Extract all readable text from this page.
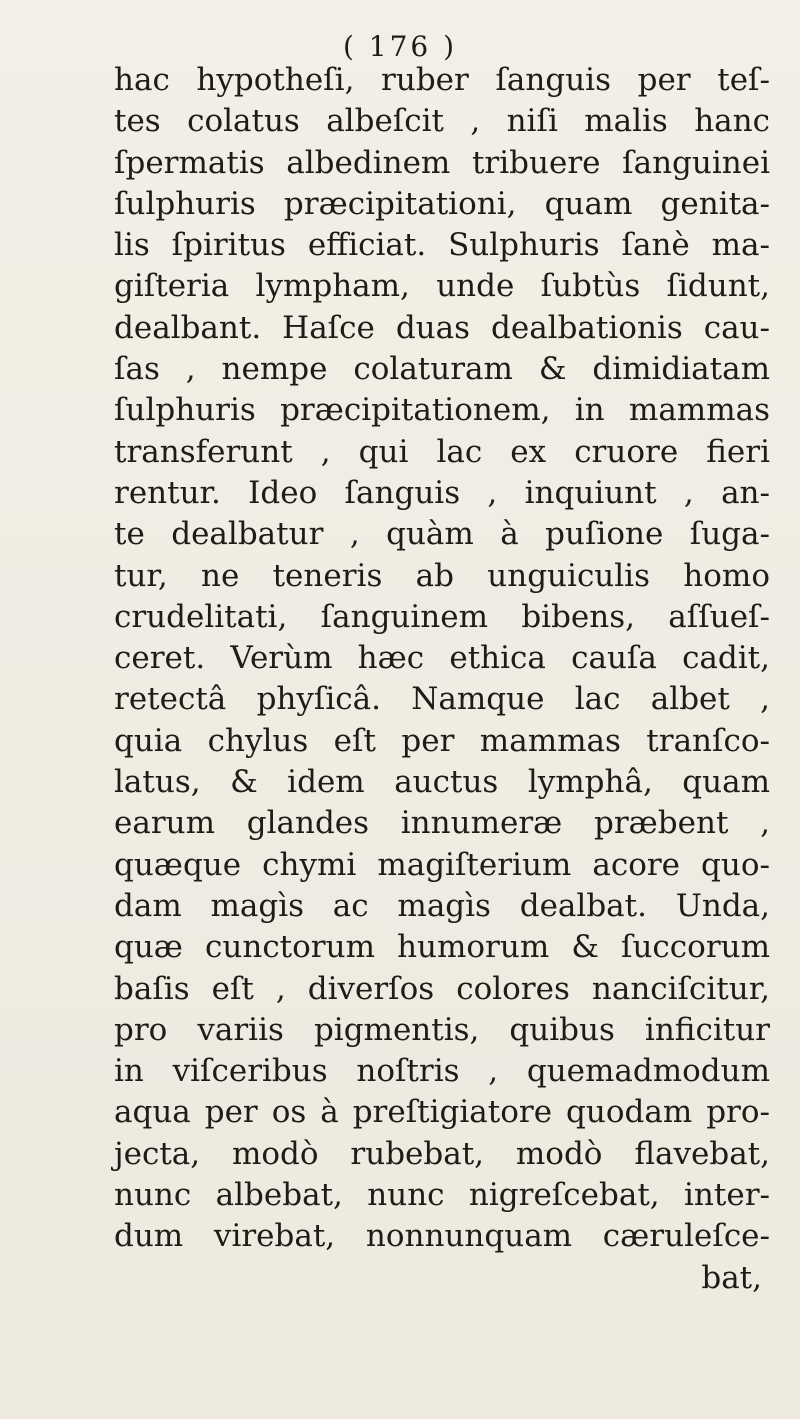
( 176 )
hac hypotheſi, ruber ſanguis per teſ-
tes colatus albeſcit , niſi malis hanc
ſpermatis albedinem tribuere ſanguinei
ſulphuris præcipitationi, quam genita-
lis ſpiritus efficiat. Sulphuris ſanè ma-
giſteria lympham, unde ſubtùs ſidunt,
dealbant. Haſce duas dealbationis cau-
ſas , nempe colaturam & dimidiatam
ſulphuris præcipitationem, in mammas
transferunt , qui lac ex cruore fieri
rentur. Ideo ſanguis , inquiunt , an-
te dealbatur , quàm à puſione ſuga-
tur, ne teneris ab unguiculis homo
crudelitati, ſanguinem bibens, aſſueſ-
ceret. Verùm hæc ethica cauſa cadit,
retectâ phyſicâ. Namque lac albet ,
quia chylus eſt per mammas tranſco-
latus, & idem auctus lymphâ, quam
earum glandes innumeræ præbent ,
quæque chymi magiſterium acore quo-
dam magìs ac magìs dealbat. Unda,
quæ cunctorum humorum & ſuccorum
baſis eſt , diverſos colores nanciſcitur,
pro variis pigmentis, quibus inficitur
in viſceribus noſtris , quemadmodum
aqua per os à preſtigiatore quodam pro-
jecta, modò rubebat, modò flavebat,
nunc albebat, nunc nigreſcebat, inter-
dum virebat, nonnunquam cæruleſce-
bat,
